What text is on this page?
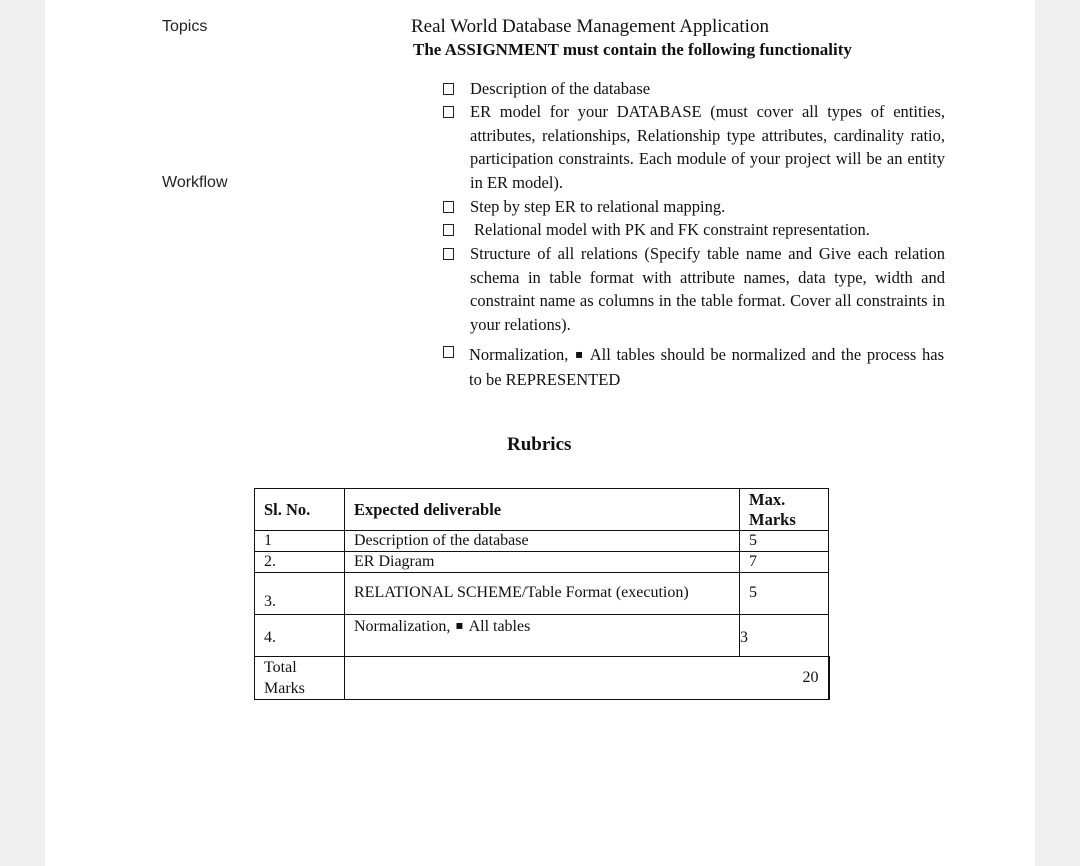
Topics
Workflow
Real World Database Management Application
The ASSIGNMENT must contain the following functionality
Description of the database
ER model for your DATABASE (must cover all types of entities, attributes, relationships, Relationship type attributes, cardinality ratio, participation constraints. Each module of your project will be an entity in ER model).
Step by step ER to relational mapping.
Relational model with PK and FK constraint representation.
Structure of all relations (Specify table name and Give each relation schema in table format with attribute names, data type, width and constraint name as columns in the table format. Cover all constraints in your relations).
Normalization, ▪ All tables should be normalized and the process has to be REPRESENTED
Rubrics
Sl. No.	Expected deliverable	Max. Marks
1	Description of the database	5
2.	ER Diagram	7
3.	RELATIONAL SCHEME/Table Format (execution)	5
4.	Normalization, ▪ All tables	3
Total Marks	20	
